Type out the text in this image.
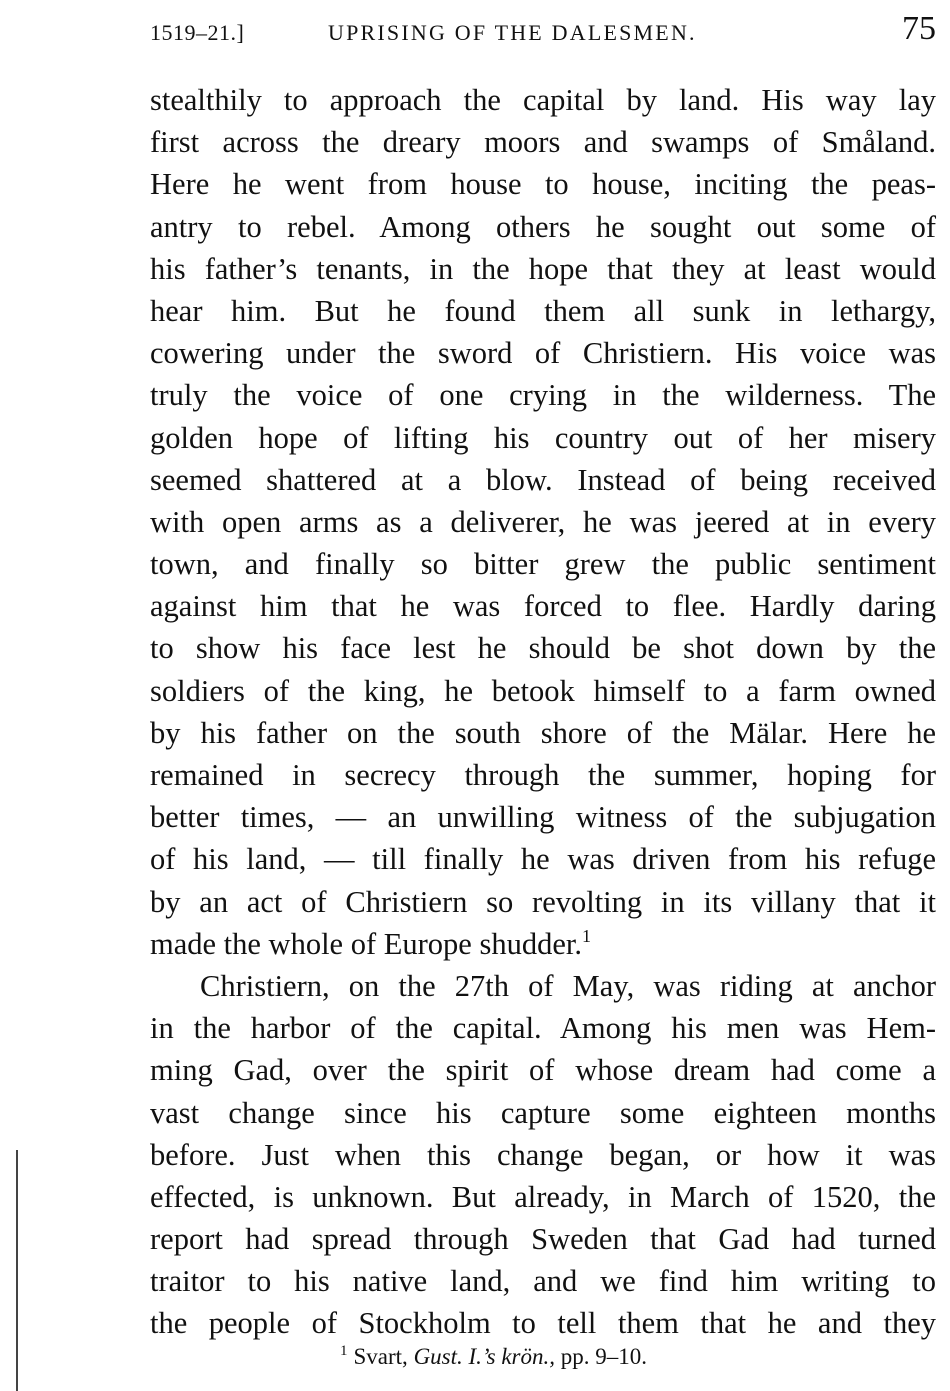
1519–21.]	UPRISING OF THE DALESMEN.	75
stealthily to approach the capital by land. His way lay
first across the dreary moors and swamps of Småland.
Here he went from house to house, inciting the peas-
antry to rebel. Among others he sought out some of
his father’s tenants, in the hope that they at least would
hear him. But he found them all sunk in lethargy,
cowering under the sword of Christiern. His voice was
truly the voice of one crying in the wilderness. The
golden hope of lifting his country out of her misery
seemed shattered at a blow. Instead of being received
with open arms as a deliverer, he was jeered at in every
town, and finally so bitter grew the public sentiment
against him that he was forced to flee. Hardly daring
to show his face lest he should be shot down by the
soldiers of the king, he betook himself to a farm owned
by his father on the south shore of the Mälar. Here he
remained in secrecy through the summer, hoping for
better times, — an unwilling witness of the subjugation
of his land, — till finally he was driven from his refuge
by an act of Christiern so revolting in its villany that it
made the whole of Europe shudder.$^1$
Christiern, on the 27th of May, was riding at anchor
in the harbor of the capital. Among his men was Hem-
ming Gad, over the spirit of whose dream had come a
vast change since his capture some eighteen months
before. Just when this change began, or how it was
effected, is unknown. But already, in March of 1520, the
report had spread through Sweden that Gad had turned
traitor to his native land, and we find him writing to
the people of Stockholm to tell them that he and they
$^1$ Svart, Gust. I.’s krön., pp. 9–10.
